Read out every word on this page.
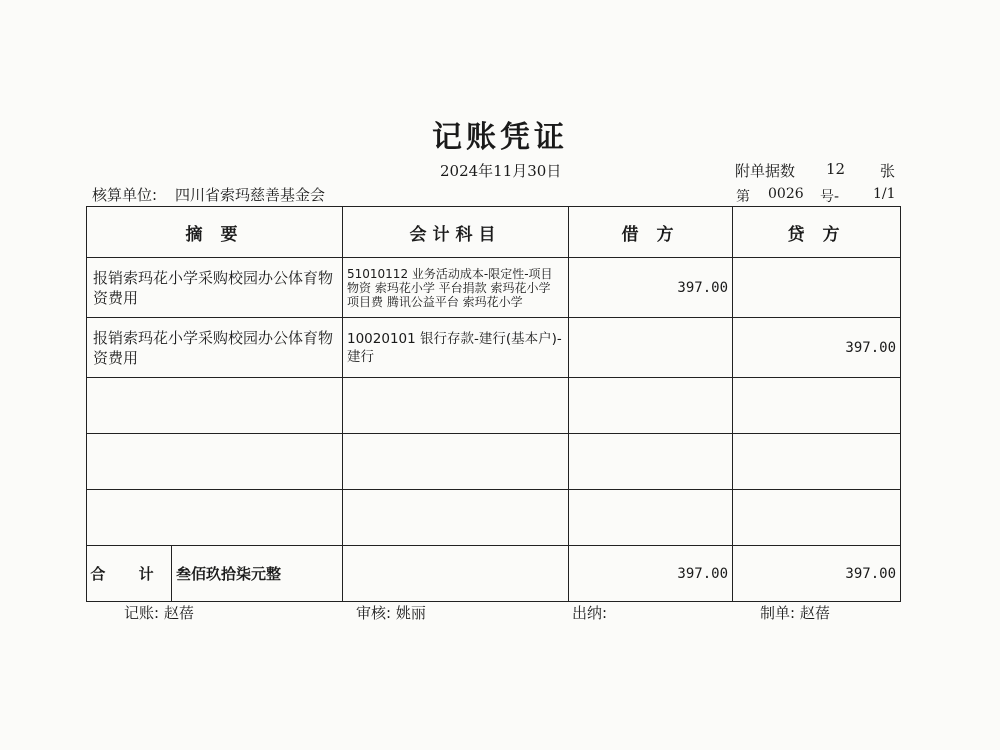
记账凭证
2024年11月30日	附单据数 12 张
核算单位: 四川省索玛慈善基金会	第 0026 号- 1/1
摘 要	会计科目	借 方	贷 方
报销索玛花小学采购校园办公体育物资费用	51010112 业务活动成本-限定性-项目物资 索玛花小学 平台捐款 索玛花小学 项目费 腾讯公益平台 索玛花小学	397.00	
报销索玛花小学采购校园办公体育物资费用	10020101 银行存款-建行(基本户)-建行		397.00

合 计 叁佰玖拾柒元整		397.00	397.00
记账: 赵蓓	审核: 姚丽	出纳:	制单: 赵蓓
